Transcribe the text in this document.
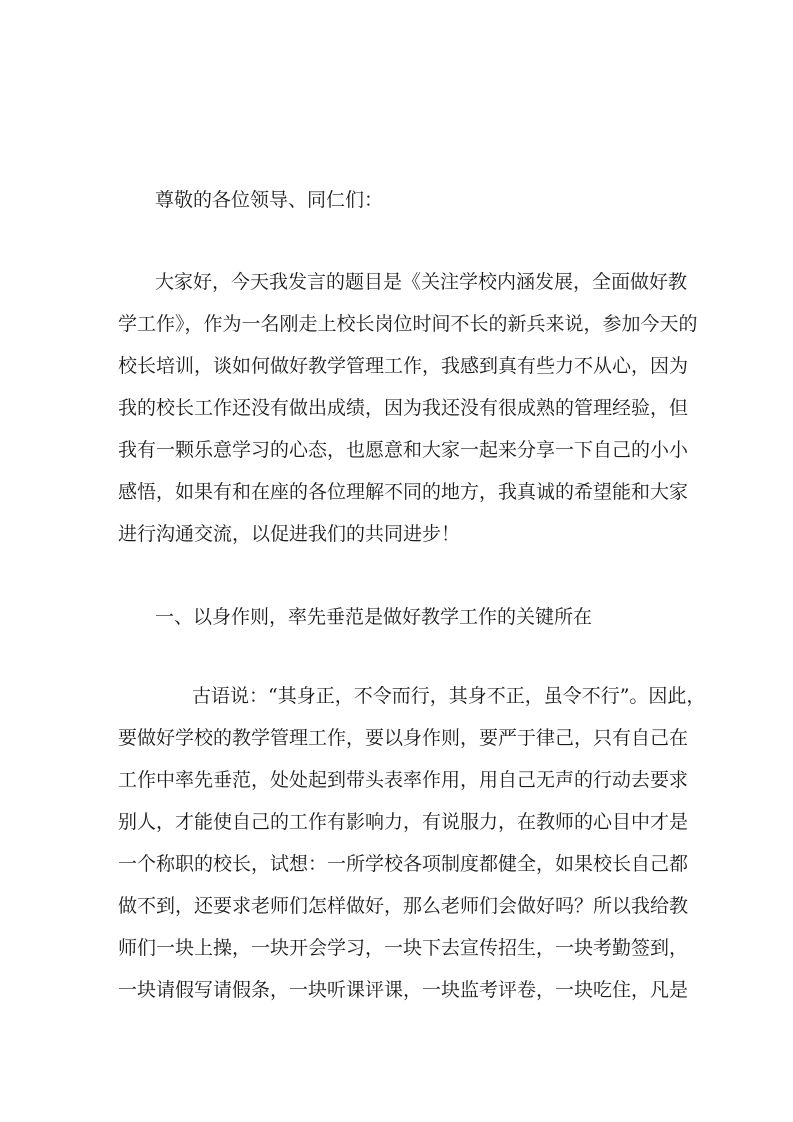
尊敬的各位领导、同仁们：
大家好，今天我发言的题目是《关注学校内涵发展，全面做好教
学工作》，作为一名刚走上校长岗位时间不长的新兵来说，参加今天的
校长培训，谈如何做好教学管理工作，我感到真有些力不从心，因为
我的校长工作还没有做出成绩，因为我还没有很成熟的管理经验，但
我有一颗乐意学习的心态，也愿意和大家一起来分享一下自己的小小
感悟，如果有和在座的各位理解不同的地方，我真诚的希望能和大家
进行沟通交流，以促进我们的共同进步！
一、以身作则，率先垂范是做好教学工作的关键所在
古语说：“其身正，不令而行，其身不正，虽令不行”。因此，
要做好学校的教学管理工作，要以身作则，要严于律己，只有自己在
工作中率先垂范，处处起到带头表率作用，用自己无声的行动去要求
别人，才能使自己的工作有影响力，有说服力，在教师的心目中才是
一个称职的校长，试想：一所学校各项制度都健全，如果校长自己都
做不到，还要求老师们怎样做好，那么老师们会做好吗？所以我给教
师们一块上操，一块开会学习，一块下去宣传招生，一块考勤签到，
一块请假写请假条，一块听课评课，一块监考评卷，一块吃住，凡是
